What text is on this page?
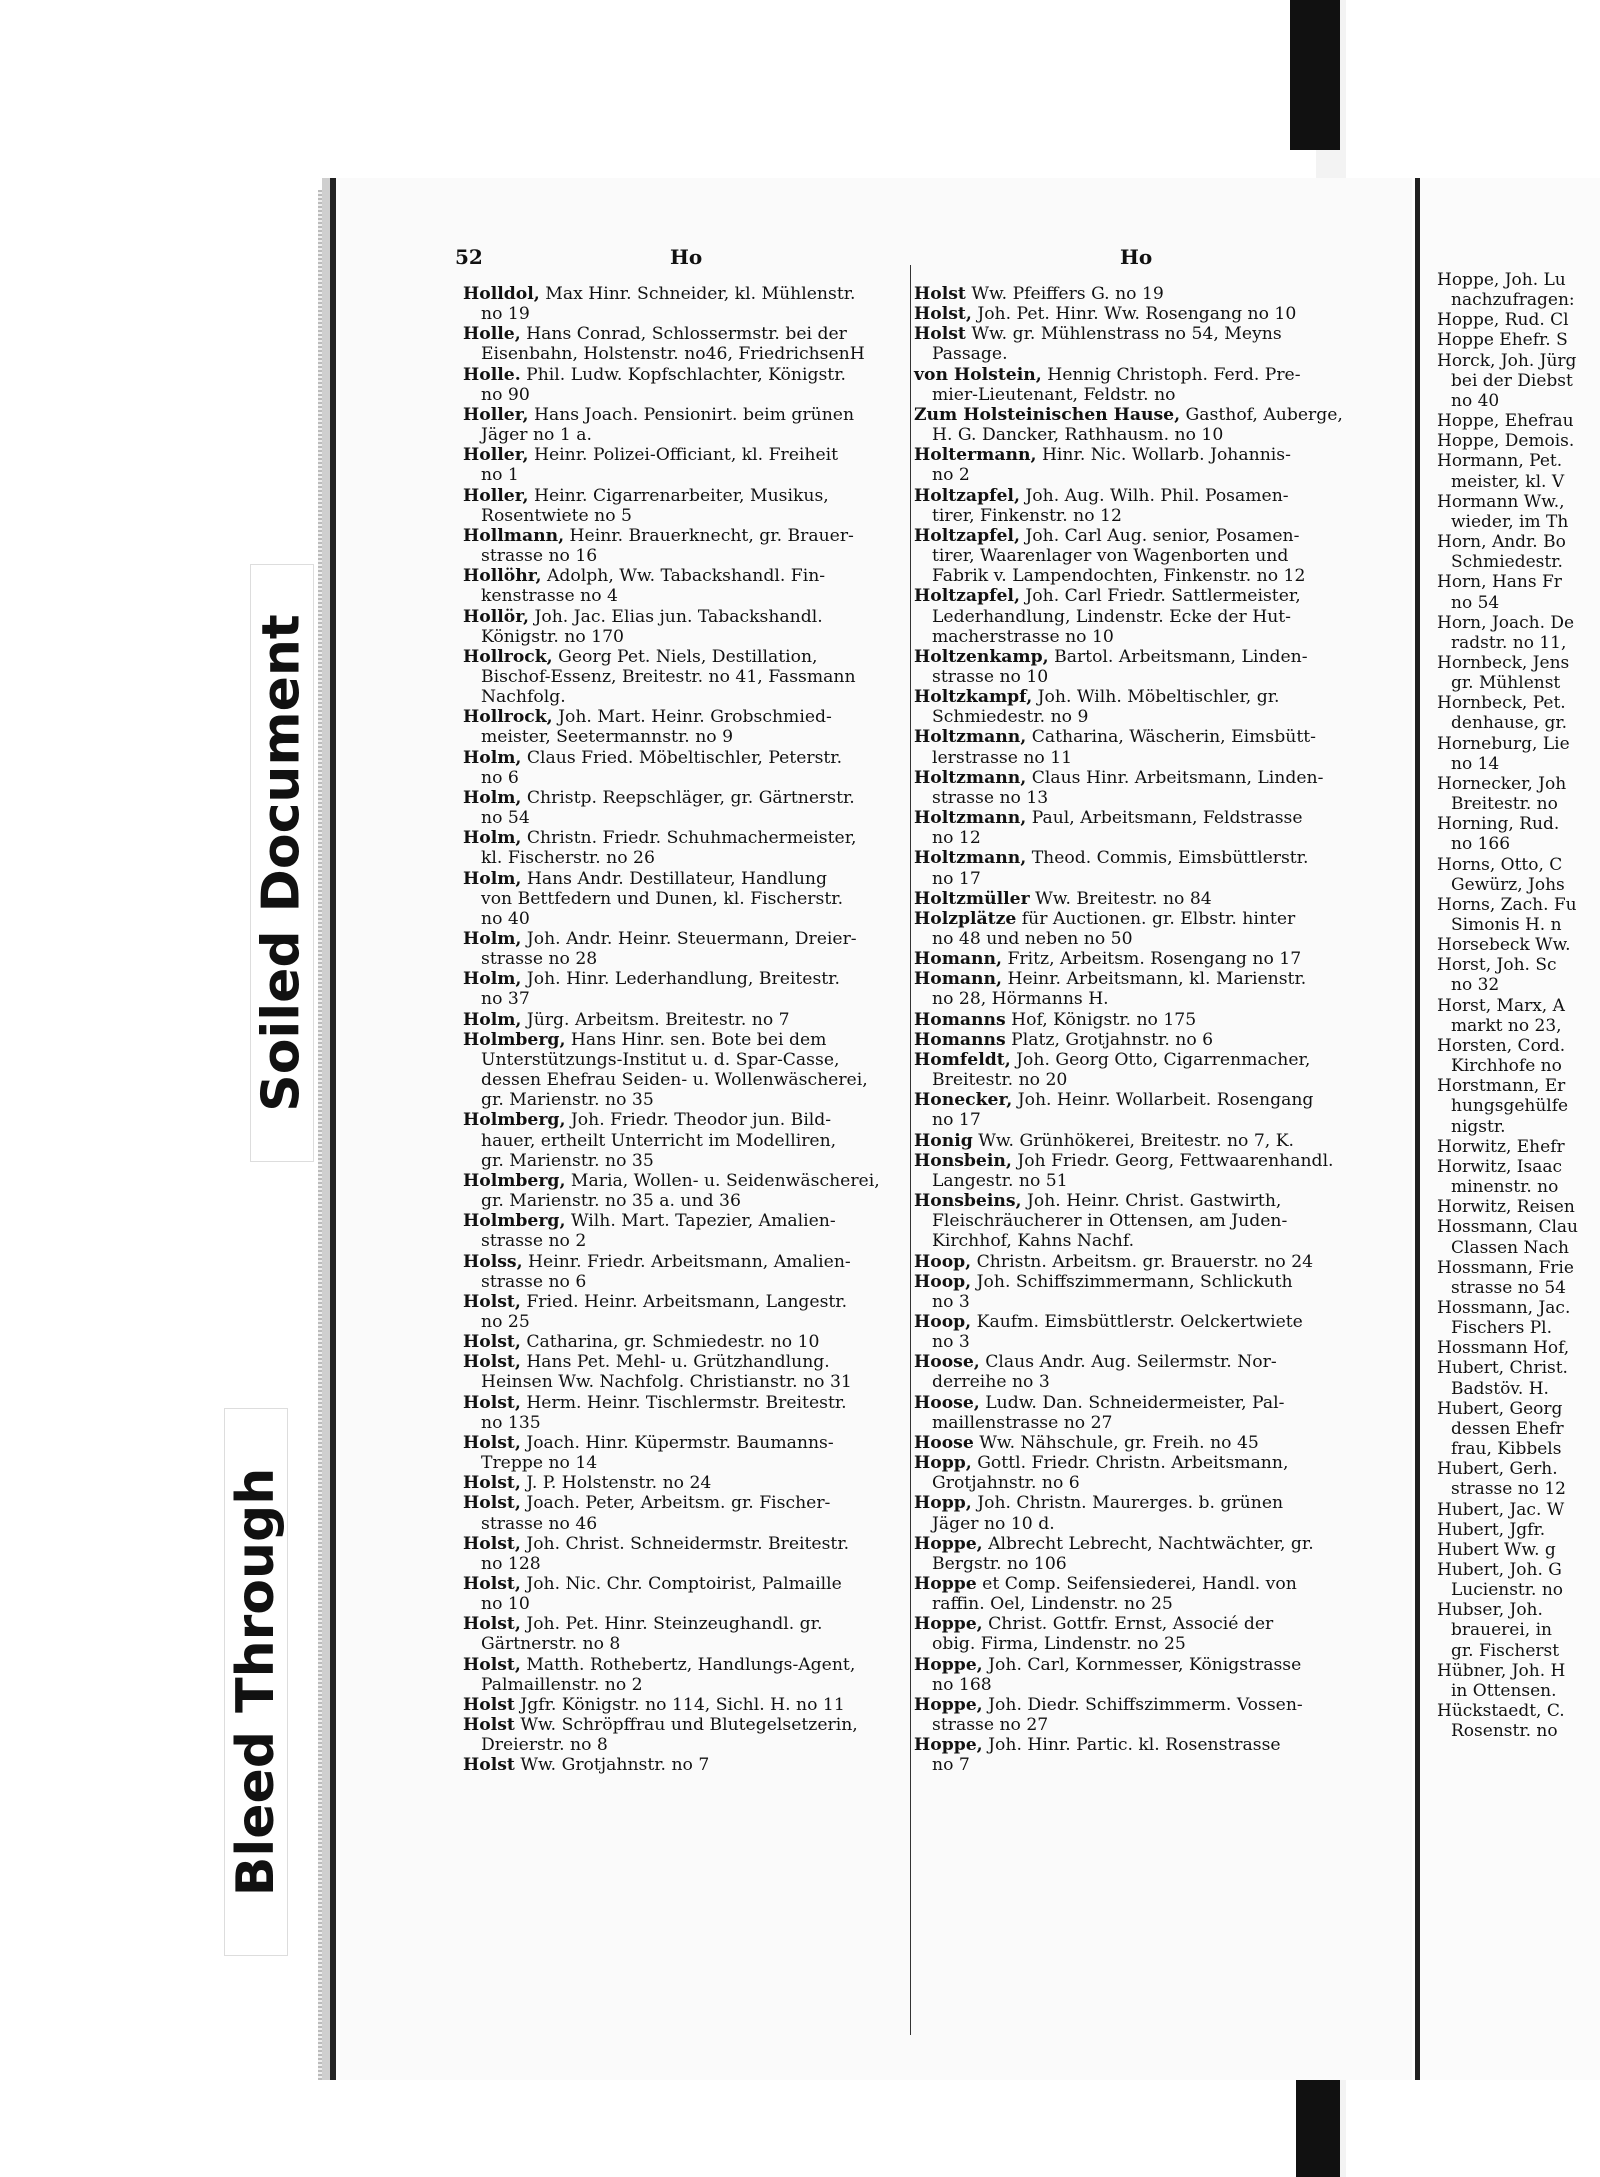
52	Ho	Ho
Holldol, Max Hinr. Schneider, kl. Mühlenstr.
no 19
Holle, Hans Conrad, Schlossermstr. bei der
Eisenbahn, Holstenstr. no46, FriedrichsenH
Holle. Phil. Ludw. Kopfschlachter, Königstr.
no 90
Holler, Hans Joach. Pensionirt. beim grünen
Jäger no 1 a.
Holler, Heinr. Polizei-Officiant, kl. Freiheit
no 1
Holler, Heinr. Cigarrenarbeiter, Musikus,
Rosentwiete no 5
Hollmann, Heinr. Brauerknecht, gr. Brauer-
strasse no 16
Hollöhr, Adolph, Ww. Tabackshandl. Fin-
kenstrasse no 4
Hollör, Joh. Jac. Elias jun. Tabackshandl.
Königstr. no 170
Hollrock, Georg Pet. Niels, Destillation,
Bischof-Essenz, Breitestr. no 41, Fassmann
Nachfolg.
Hollrock, Joh. Mart. Heinr. Grobschmied-
meister, Seetermannstr. no 9
Holm, Claus Fried. Möbeltischler, Peterstr.
no 6
Holm, Christp. Reepschläger, gr. Gärtnerstr.
no 54
Holm, Christn. Friedr. Schuhmachermeister,
kl. Fischerstr. no 26
Holm, Hans Andr. Destillateur, Handlung
von Bettfedern und Dunen, kl. Fischerstr.
no 40
Holm, Joh. Andr. Heinr. Steuermann, Dreier-
strasse no 28
Holm, Joh. Hinr. Lederhandlung, Breitestr.
no 37
Holm, Jürg. Arbeitsm. Breitestr. no 7
Holmberg, Hans Hinr. sen. Bote bei dem
Unterstützungs-Institut u. d. Spar-Casse,
dessen Ehefrau Seiden- u. Wollenwäscherei,
gr. Marienstr. no 35
Holmberg, Joh. Friedr. Theodor jun. Bild-
hauer, ertheilt Unterricht im Modelliren,
gr. Marienstr. no 35
Holmberg, Maria, Wollen- u. Seidenwäscherei,
gr. Marienstr. no 35 a. und 36
Holmberg, Wilh. Mart. Tapezier, Amalien-
strasse no 2
Holss, Heinr. Friedr. Arbeitsmann, Amalien-
strasse no 6
Holst, Fried. Heinr. Arbeitsmann, Langestr.
no 25
Holst, Catharina, gr. Schmiedestr. no 10
Holst, Hans Pet. Mehl- u. Grützhandlung.
Heinsen Ww. Nachfolg. Christianstr. no 31
Holst, Herm. Heinr. Tischlermstr. Breitestr.
no 135
Holst, Joach. Hinr. Küpermstr. Baumanns-
Treppe no 14
Holst, J. P. Holstenstr. no 24
Holst, Joach. Peter, Arbeitsm. gr. Fischer-
strasse no 46
Holst, Joh. Christ. Schneidermstr. Breitestr.
no 128
Holst, Joh. Nic. Chr. Comptoirist, Palmaille
no 10
Holst, Joh. Pet. Hinr. Steinzeughandl. gr.
Gärtnerstr. no 8
Holst, Matth. Rothebertz, Handlungs-Agent,
Palmaillenstr. no 2
Holst Jgfr. Königstr. no 114, Sichl. H. no 11
Holst Ww. Schröpffrau und Blutegelsetzerin,
Dreierstr. no 8
Holst Ww. Grotjahnstr. no 7
Holst Ww. Pfeiffers G. no 19
Holst, Joh. Pet. Hinr. Ww. Rosengang no 10
Holst Ww. gr. Mühlenstrass no 54, Meyns
Passage.
von Holstein, Hennig Christoph. Ferd. Pre-
mier-Lieutenant, Feldstr. no
Zum Holsteinischen Hause, Gasthof, Auberge,
H. G. Dancker, Rathhausm. no 10
Holtermann, Hinr. Nic. Wollarb. Johannis-
no 2
Holtzapfel, Joh. Aug. Wilh. Phil. Posamen-
tirer, Finkenstr. no 12
Holtzapfel, Joh. Carl Aug. senior, Posamen-
tirer, Waarenlager von Wagenborten und
Fabrik v. Lampendochten, Finkenstr. no 12
Holtzapfel, Joh. Carl Friedr. Sattlermeister,
Lederhandlung, Lindenstr. Ecke der Hut-
macherstrasse no 10
Holtzenkamp, Bartol. Arbeitsmann, Linden-
strasse no 10
Holtzkampf, Joh. Wilh. Möbeltischler, gr.
Schmiedestr. no 9
Holtzmann, Catharina, Wäscherin, Eimsbütt-
lerstrasse no 11
Holtzmann, Claus Hinr. Arbeitsmann, Linden-
strasse no 13
Holtzmann, Paul, Arbeitsmann, Feldstrasse
no 12
Holtzmann, Theod. Commis, Eimsbüttlerstr.
no 17
Holtzmüller Ww. Breitestr. no 84
Holzplätze für Auctionen. gr. Elbstr. hinter
no 48 und neben no 50
Homann, Fritz, Arbeitsm. Rosengang no 17
Homann, Heinr. Arbeitsmann, kl. Marienstr.
no 28, Hörmanns H.
Homanns Hof, Königstr. no 175
Homanns Platz, Grotjahnstr. no 6
Homfeldt, Joh. Georg Otto, Cigarrenmacher,
Breitestr. no 20
Honecker, Joh. Heinr. Wollarbeit. Rosengang
no 17
Honig Ww. Grünhökerei, Breitestr. no 7, K.
Honsbein, Joh Friedr. Georg, Fettwaarenhandl.
Langestr. no 51
Honsbeins, Joh. Heinr. Christ. Gastwirth,
Fleischräucherer in Ottensen, am Juden-
Kirchhof, Kahns Nachf.
Hoop, Christn. Arbeitsm. gr. Brauerstr. no 24
Hoop, Joh. Schiffszimmermann, Schlickuth
no 3
Hoop, Kaufm. Eimsbüttlerstr. Oelckertwiete
no 3
Hoose, Claus Andr. Aug. Seilermstr. Nor-
derreihe no 3
Hoose, Ludw. Dan. Schneidermeister, Pal-
maillenstrasse no 27
Hoose Ww. Nähschule, gr. Freih. no 45
Hopp, Gottl. Friedr. Christn. Arbeitsmann,
Grotjahnstr. no 6
Hopp, Joh. Christn. Maurerges. b. grünen
Jäger no 10 d.
Hoppe, Albrecht Lebrecht, Nachtwächter, gr.
Bergstr. no 106
Hoppe et Comp. Seifensiederei, Handl. von
raffin. Oel, Lindenstr. no 25
Hoppe, Christ. Gottfr. Ernst, Associé der
obig. Firma, Lindenstr. no 25
Hoppe, Joh. Carl, Kornmesser, Königstrasse
no 168
Hoppe, Joh. Diedr. Schiffszimmerm. Vossen-
strasse no 27
Hoppe, Joh. Hinr. Partic. kl. Rosenstrasse
no 7
Hoppe, Joh. Lu
nachzufragen:
Hoppe, Rud. Cl
Hoppe Ehefr. S
Horck, Joh. Jürg
bei der Diebst
no 40
Hoppe, Ehefrau
Hoppe, Demois.
Hormann, Pet.
meister, kl. V
Hormann Ww.,
wieder, im Th
Horn, Andr. Bo
Schmiedestr.
Horn, Hans Fr
no 54
Horn, Joach. De
radstr. no 11,
Hornbeck, Jens
gr. Mühlenst
Hornbeck, Pet.
denhause, gr.
Horneburg, Lie
no 14
Hornecker, Joh
Breitestr. no
Horning, Rud.
no 166
Horns, Otto, C
Gewürz, Johs
Horns, Zach. Fu
Simonis H. n
Horsebeck Ww.
Horst, Joh. Sc
no 32
Horst, Marx, A
markt no 23,
Horsten, Cord.
Kirchhofe no
Horstmann, Er
hungsgehülfe
nigstr.
Horwitz, Ehefr
Horwitz, Isaac
minenstr. no
Horwitz, Reisen
Hossmann, Clau
Classen Nach
Hossmann, Frie
strasse no 54
Hossmann, Jac.
Fischers Pl.
Hossmann Hof,
Hubert, Christ.
Badstöv. H.
Hubert, Georg
dessen Ehefr
frau, Kibbels
Hubert, Gerh.
strasse no 12
Hubert, Jac. W
Hubert, Jgfr.
Hubert Ww. g
Hubert, Joh. G
Lucienstr. no
Hubser, Joh.
brauerei, in
gr. Fischerst
Hübner, Joh. H
in Ottensen.
Hückstaedt, C.
Rosenstr. no
Soiled Document
Bleed Through
